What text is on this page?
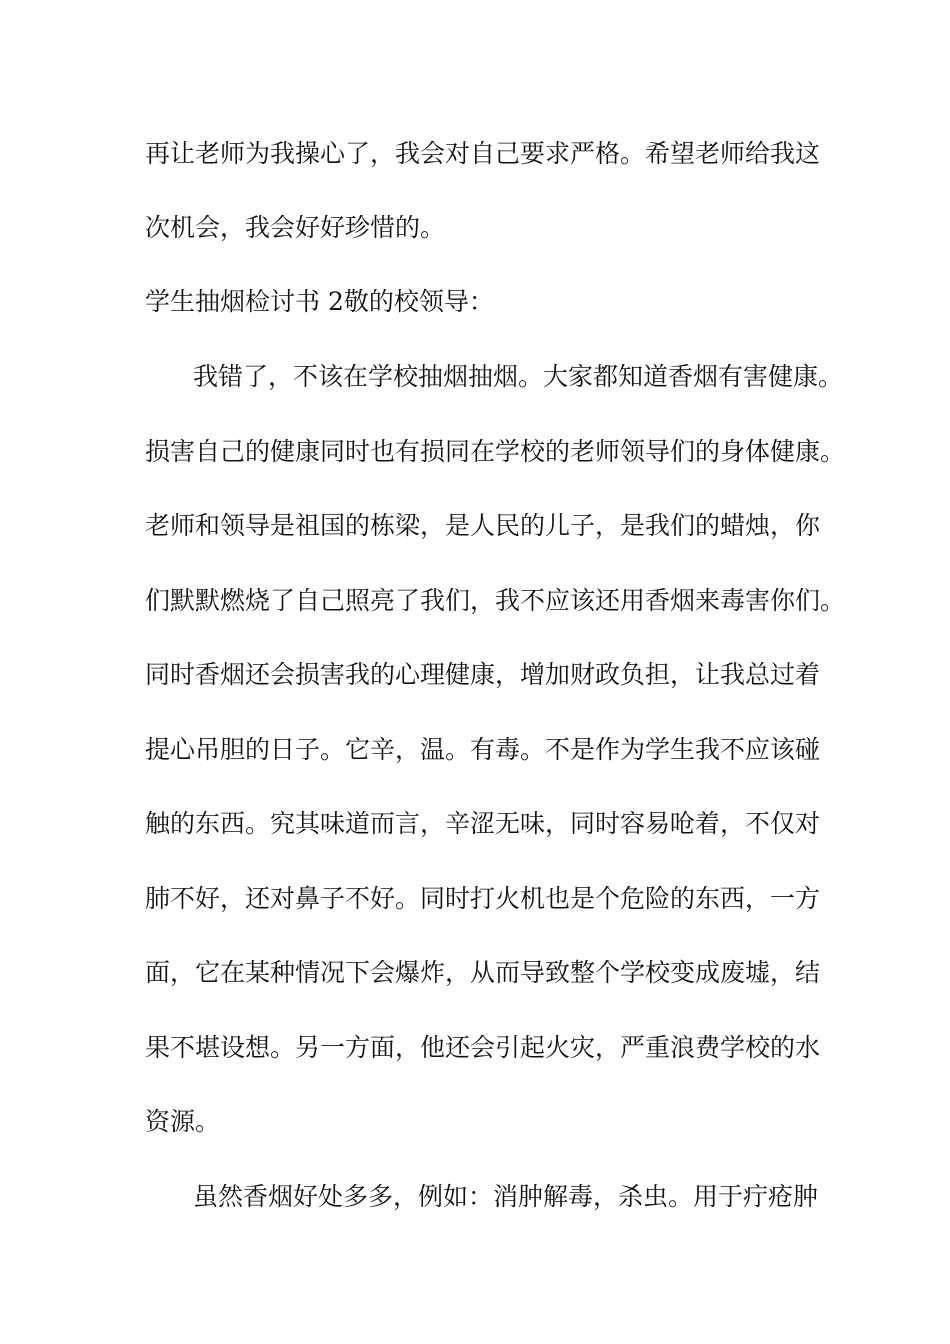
再让老师为我操心了，我会对自己要求严格。希望老师给我这
次机会，我会好好珍惜的。
学生抽烟检讨书 2敬的校领导：
我错了，不该在学校抽烟抽烟。大家都知道香烟有害健康。
损害自己的健康同时也有损同在学校的老师领导们的身体健康。
老师和领导是祖国的栋梁，是人民的儿子，是我们的蜡烛，你
们默默燃烧了自己照亮了我们，我不应该还用香烟来毒害你们。
同时香烟还会损害我的心理健康，增加财政负担，让我总过着
提心吊胆的日子。它辛，温。有毒。不是作为学生我不应该碰
触的东西。究其味道而言，辛涩无味，同时容易呛着，不仅对
肺不好，还对鼻子不好。同时打火机也是个危险的东西，一方
面，它在某种情况下会爆炸，从而导致整个学校变成废墟，结
果不堪设想。另一方面，他还会引起火灾，严重浪费学校的水
资源。
虽然香烟好处多多，例如：消肿解毒，杀虫。用于疔疮肿
